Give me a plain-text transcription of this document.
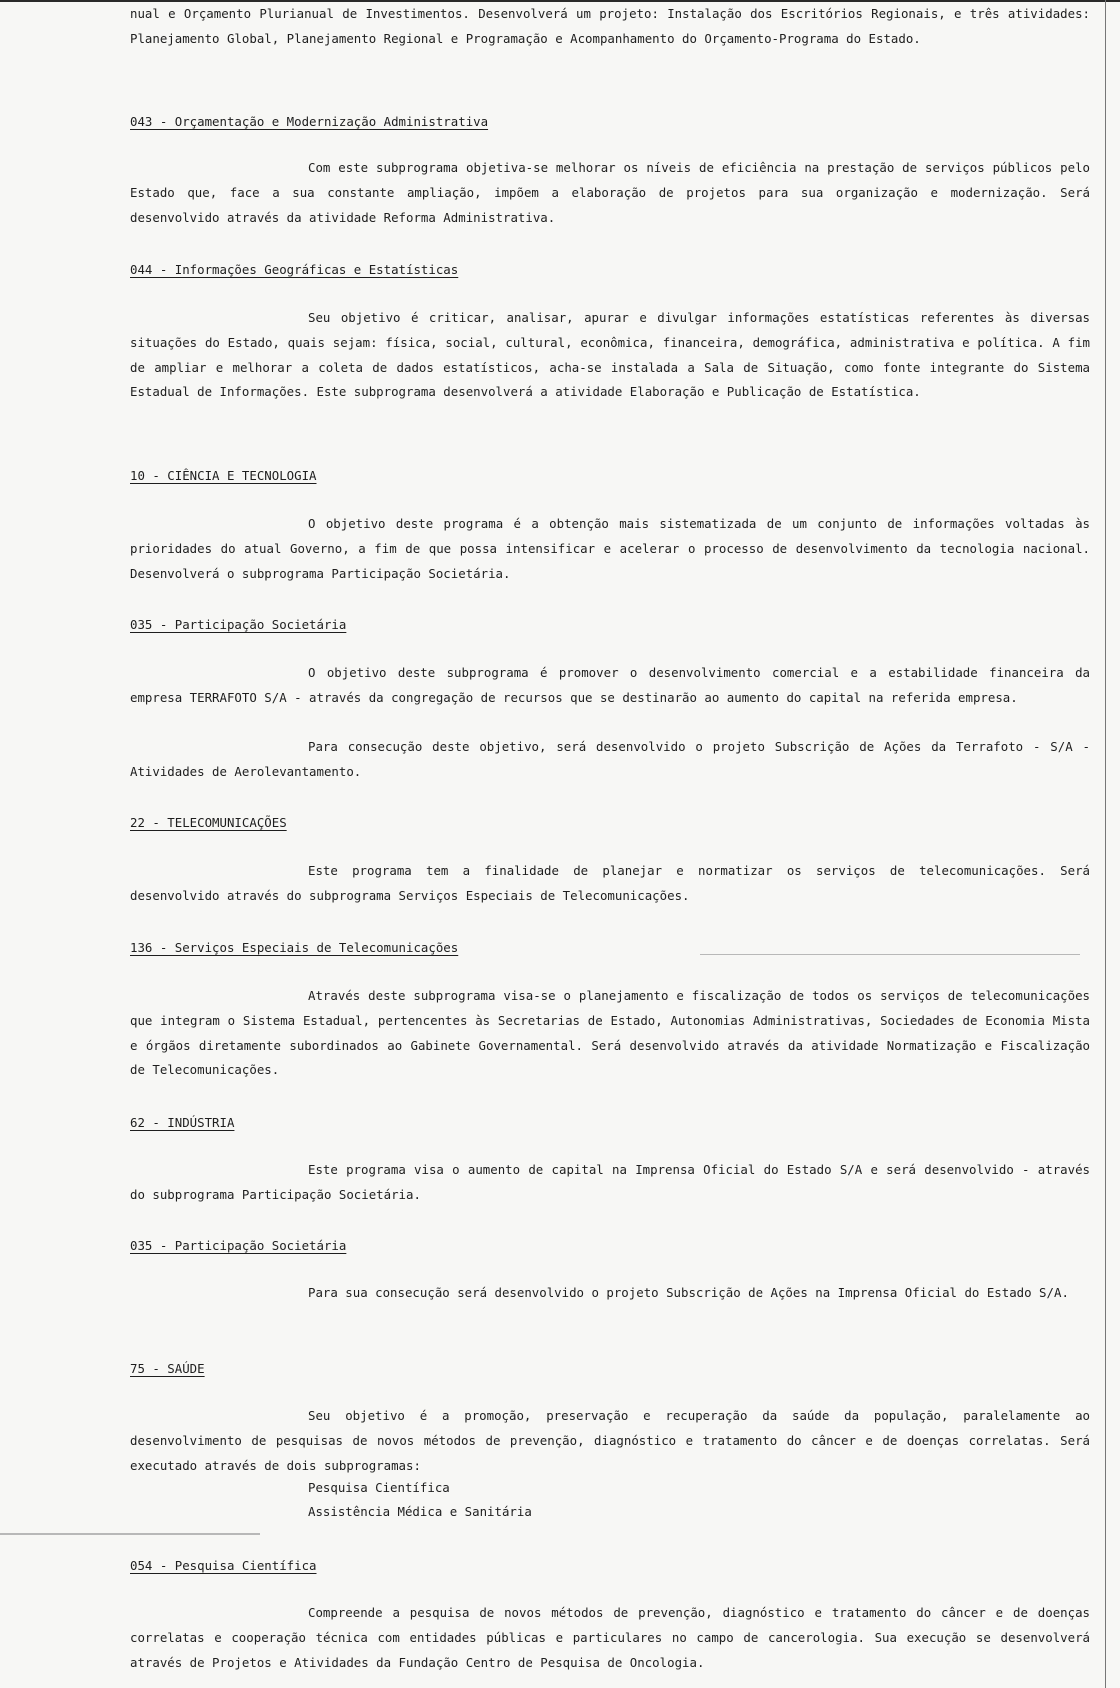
nual e Orçamento Plurianual de Investimentos. Desenvolverá um projeto: Instalação dos Escritórios Regionais, e três atividades: Planejamento Global, Planejamento Regional e Programação e Acompanhamento do Orçamento-Programa do Estado.
043 - Orçamentação e Modernização Administrativa
Com este subprograma objetiva-se melhorar os níveis de eficiência na prestação de serviços públicos pelo Estado que, face a sua constante ampliação, impõem a elaboração de projetos para sua organização e modernização. Será desenvolvido através da atividade Reforma Administrativa.
044 - Informações Geográficas e Estatísticas
Seu objetivo é criticar, analisar, apurar e divulgar informações estatísticas referentes às diversas situações do Estado, quais sejam: física, social, cultural, econômica, financeira, demográfica, administrativa e política. A fim de ampliar e melhorar a coleta de dados estatísticos, acha-se instalada a Sala de Situação, como fonte integrante do Sistema Estadual de Informações. Este subprograma desenvolverá a atividade Elaboração e Publicação de Estatística.
10 - CIÊNCIA E TECNOLOGIA
O objetivo deste programa é a obtenção mais sistematizada de um conjunto de informações voltadas às prioridades do atual Governo, a fim de que possa intensificar e acelerar o processo de desenvolvimento da tecnologia nacional. Desenvolverá o subprograma Participação Societária.
035 - Participação Societária
O objetivo deste subprograma é promover o desenvolvimento comercial e a estabilidade financeira da empresa TERRAFOTO S/A - através da congregação de recursos que se destinarão ao aumento do capital na referida empresa.
Para consecução deste objetivo, será desenvolvido o projeto Subscrição de Ações da Terrafoto - S/A - Atividades de Aerolevantamento.
22 - TELECOMUNICAÇÕES
Este programa tem a finalidade de planejar e normatizar os serviços de telecomunicações. Será desenvolvido através do subprograma Serviços Especiais de Telecomunicações.
136 - Serviços Especiais de Telecomunicações
Através deste subprograma visa-se o planejamento e fiscalização de todos os serviços de telecomunicações que integram o Sistema Estadual, pertencentes às Secretarias de Estado, Autonomias Administrativas, Sociedades de Economia Mista e órgãos diretamente subordinados ao Gabinete Governamental. Será desenvolvido através da atividade Normatização e Fiscalização de Telecomunicações.
62 - INDÚSTRIA
Este programa visa o aumento de capital na Imprensa Oficial do Estado S/A e será desenvolvido - através do subprograma Participação Societária.
035 - Participação Societária
Para sua consecução será desenvolvido o projeto Subscrição de Ações na Imprensa Oficial do Estado S/A.
75 - SAÚDE
Seu objetivo é a promoção, preservação e recuperação da saúde da população, paralelamente ao desenvolvimento de pesquisas de novos métodos de prevenção, diagnóstico e tratamento do câncer e de doenças correlatas. Será executado através de dois subprogramas:
Pesquisa Científica
Assistência Médica e Sanitária
054 - Pesquisa Científica
Compreende a pesquisa de novos métodos de prevenção, diagnóstico e tratamento do câncer e de doenças correlatas e cooperação técnica com entidades públicas e particulares no campo de cancerologia. Sua execução se desenvolverá através de Projetos e Atividades da Fundação Centro de Pesquisa de Oncologia.
